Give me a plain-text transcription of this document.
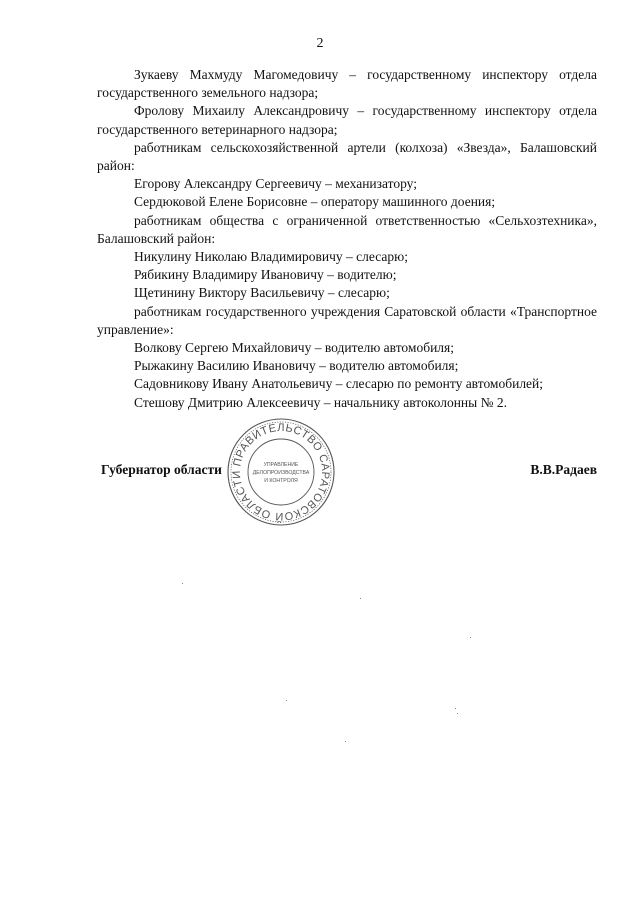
2

Зукаеву Махмуду Магомедовичу – государственному инспектору отдела государственного земельного надзора;

Фролову Михаилу Александровичу – государственному инспектору отдела государственного ветеринарного надзора;

работникам сельскохозяйственной артели (колхоза) «Звезда», Балашовский район:

Егорову Александру Сергеевичу – механизатору;

Сердюковой Елене Борисовне – оператору машинного доения;

работникам общества с ограниченной ответственностью «Сельхозтехника», Балашовский район:

Никулину Николаю Владимировичу – слесарю;

Рябикину Владимиру Ивановичу – водителю;

Щетинину Виктору Васильевичу – слесарю;

работникам государственного учреждения Саратовской области «Транспортное управление»:

Волкову Сергею Михайловичу – водителю автомобиля;

Рыжакину Василию Ивановичу – водителю автомобиля;

Садовникову Ивану Анатольевичу – слесарю по ремонту автомобилей;

Стешову Дмитрию Алексеевичу – начальнику автоколонны № 2.

Губернатор области	В.В.Радаев
ПРАВИТЕЛЬСТВО САРАТОВСКОЙ ОБЛАСТИ
УПРАВЛЕНИЕ
ДЕЛОПРОИЗВОДСТВА
И КОНТРОЛЯ
